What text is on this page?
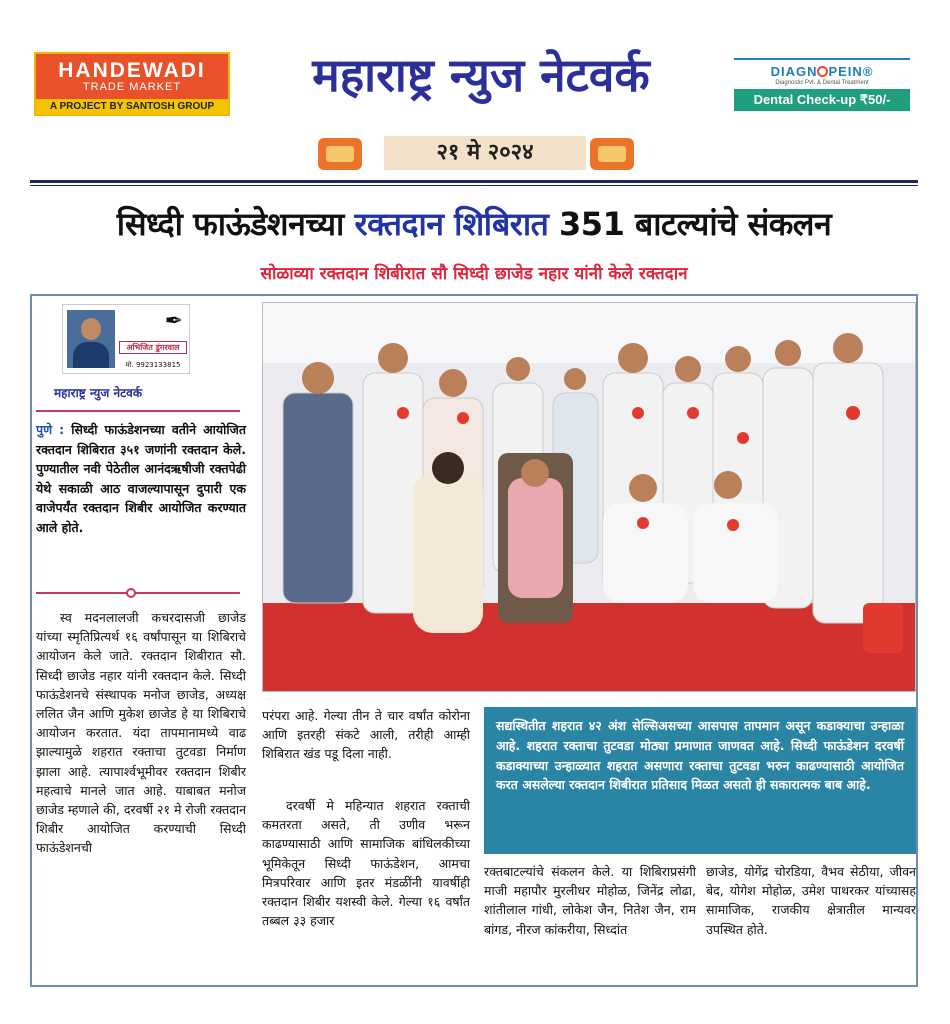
HANDEWADI
TRADE MARKET
A PROJECT BY SANTOSH GROUP
महाराष्ट्र न्युज नेटवर्क	DIAGN PEIN®
Diagnostic Pvt. & Dental Treatment
Dental Check-up ₹50/-
२१ मे २०२४
सिध्दी फाऊंडेशनच्या रक्तदान शिबिरात 351 बाटल्यांचे संकलन
सोळाव्या रक्तदान शिबीरात सौ सिध्दी छाजेड नहार यांनी केले रक्तदान
✒
अभिजित डुंगरवाल
मो. 9923133815
महाराष्ट्र न्युज नेटवर्क
पुणे : सिध्दी फाऊंडेशनच्या वतीने आयोजित रक्तदान शिबिरात ३५१ जणांनी रक्तदान केले. पुण्यातील नवी पेठेतील आनंदऋषीजी रक्तपेढी येथे सकाळी आठ वाजल्यापासून दुपारी एक वाजेपर्यंत रक्तदान शिबीर आयोजित करण्यात आले होते.
स्व मदनलालजी कचरदासजी छाजेड यांच्या स्मृतिप्रित्यर्थ १६ वर्षांपासून या शिबिराचे आयोजन केले जाते. रक्तदान शिबीरात सौ. सिध्दी छाजेड नहार यांनी रक्तदान केले. सिध्दी फाऊंडेशनचे संस्थापक मनोज छाजेड, अध्यक्ष ललित जैन आणि मुकेश छाजेड हे या शिबिराचे आयोजन करतात. यंदा तापमानामध्ये वाढ झाल्यामुळे शहरात रक्ताचा तुटवडा निर्माण झाला आहे. त्यापार्श्वभूमीवर रक्तदान शिबीर महत्वाचे मानले जात आहे. याबाबत मनोज छाजेड म्हणाले की, दरवर्षी २१ मे रोजी रक्तदान शिबीर आयोजित करण्याची सिध्दी फाऊंडेशनची
परंपरा आहे. गेल्या तीन ते चार वर्षांत कोरोना आणि इतरही संकटे आली, तरीही आम्ही शिबिरात खंड पडू दिला नाही.
दरवर्षी मे महिन्यात शहरात रक्ताची कमतरता असते, ती उणीव भरून काढण्यासाठी आणि सामाजिक बांधिलकीच्या भूमिकेतून सिध्दी फाऊंडेशन, आमचा मित्रपरिवार आणि इतर मंडळींनी यावर्षीही रक्तदान शिबीर यशस्वी केले. गेल्या १६ वर्षांत तब्बल ३३ हजार
रक्तबाटल्यांचे संकलन केले. या शिबिराप्रसंगी माजी महापौर मुरलीधर मोहोळ, जिनेंद्र लोढा, शांतीलाल गांधी, लोकेश जैन, नितेश जैन, राम बांगड, नीरज कांकरीया, सिध्दांत
छाजेड, योगेंद्र चोरडिया, वैभव सेठीया, जीवन बेद, योगेश मोहोळ, उमेश पाथरकर यांच्यासह सामाजिक, राजकीय क्षेत्रातील मान्यवर उपस्थित होते.
सद्यस्थितीत शहरात ४२ अंश सेल्सिअसच्या आसपास तापमान असून कडाक्याचा उन्हाळा आहे. शहरात रक्ताचा तुटवडा मोठ्या प्रमाणात जाणवत आहे. सिध्दी फाऊंडेशन दरवर्षी कडाक्याच्या उन्हाळ्यात शहरात असणारा रक्ताचा तुटवडा भरुन काढण्यासाठी आयोजित करत असलेल्या रक्तदान शिबीरात प्रतिसाद मिळत असतो ही सकारात्मक बाब आहे.
